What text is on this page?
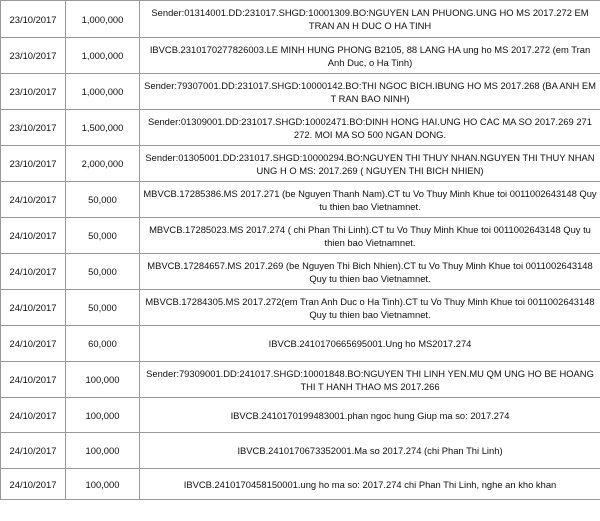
23/10/2017	1,000,000	Sender:01314001.DD:231017.SHGD:10001309.BO:NGUYEN LAN PHUONG.UNG HO MS 2017.272 EM TRAN AN H DUC O HA TINH
23/10/2017	1,000,000	IBVCB.2310170277826003.LE MINH HUNG PHONG B2105, 88 LANG HA ung ho MS 2017.272 (em Tran Anh Duc, o Ha Tinh)
23/10/2017	1,000,000	Sender:79307001.DD:231017.SHGD:10000142.BO:THI NGOC BICH.IBUNG HO MS 2017.268 (BA ANH EM T RAN BAO NINH)
23/10/2017	1,500,000	Sender:01309001.DD:231017.SHGD:10002471.BO:DINH HONG HAI.UNG HO CAC MA SO 2017.269 271 272. MOI MA SO 500 NGAN DONG.
23/10/2017	2,000,000	Sender:01305001.DD:231017.SHGD:10000294.BO:NGUYEN THI THUY NHAN.NGUYEN THI THUY NHAN UNG H O MS: 2017.269 ( NGUYEN THI BICH NHIEN)
24/10/2017	50,000	MBVCB.17285386.MS 2017.271 (be Nguyen Thanh Nam).CT tu Vo Thuy Minh Khue toi 0011002643148 Quy tu thien bao Vietnamnet.
24/10/2017	50,000	MBVCB.17285023.MS 2017.274 ( chi Phan Thi Linh).CT tu Vo Thuy Minh Khue toi 0011002643148 Quy tu thien bao Vietnamnet.
24/10/2017	50,000	MBVCB.17284657.MS 2017.269 (be Nguyen Thi Bich Nhien).CT tu Vo Thuy Minh Khue toi 0011002643148 Quy tu thien bao Vietnamnet.
24/10/2017	50,000	MBVCB.17284305.MS 2017.272(em Tran Anh Duc o Ha Tinh).CT tu Vo Thuy Minh Khue toi 0011002643148 Quy tu thien bao Vietnamnet.
24/10/2017	60,000	IBVCB.2410170665695001.Ung ho MS2017.274
24/10/2017	100,000	Sender:79309001.DD:241017.SHGD:10001848.BO:NGUYEN THI LINH YEN.MU QM UNG HO BE HOANG THI T HANH THAO MS 2017.266
24/10/2017	100,000	IBVCB.2410170199483001.phan ngoc hung Giup ma so: 2017.274
24/10/2017	100,000	IBVCB.2410170673352001.Ma so 2017.274 (chi Phan Thi Linh)
24/10/2017	100,000	IBVCB.2410170458150001.ung ho ma so: 2017.274 chi Phan Thi Linh, nghe an kho khan
